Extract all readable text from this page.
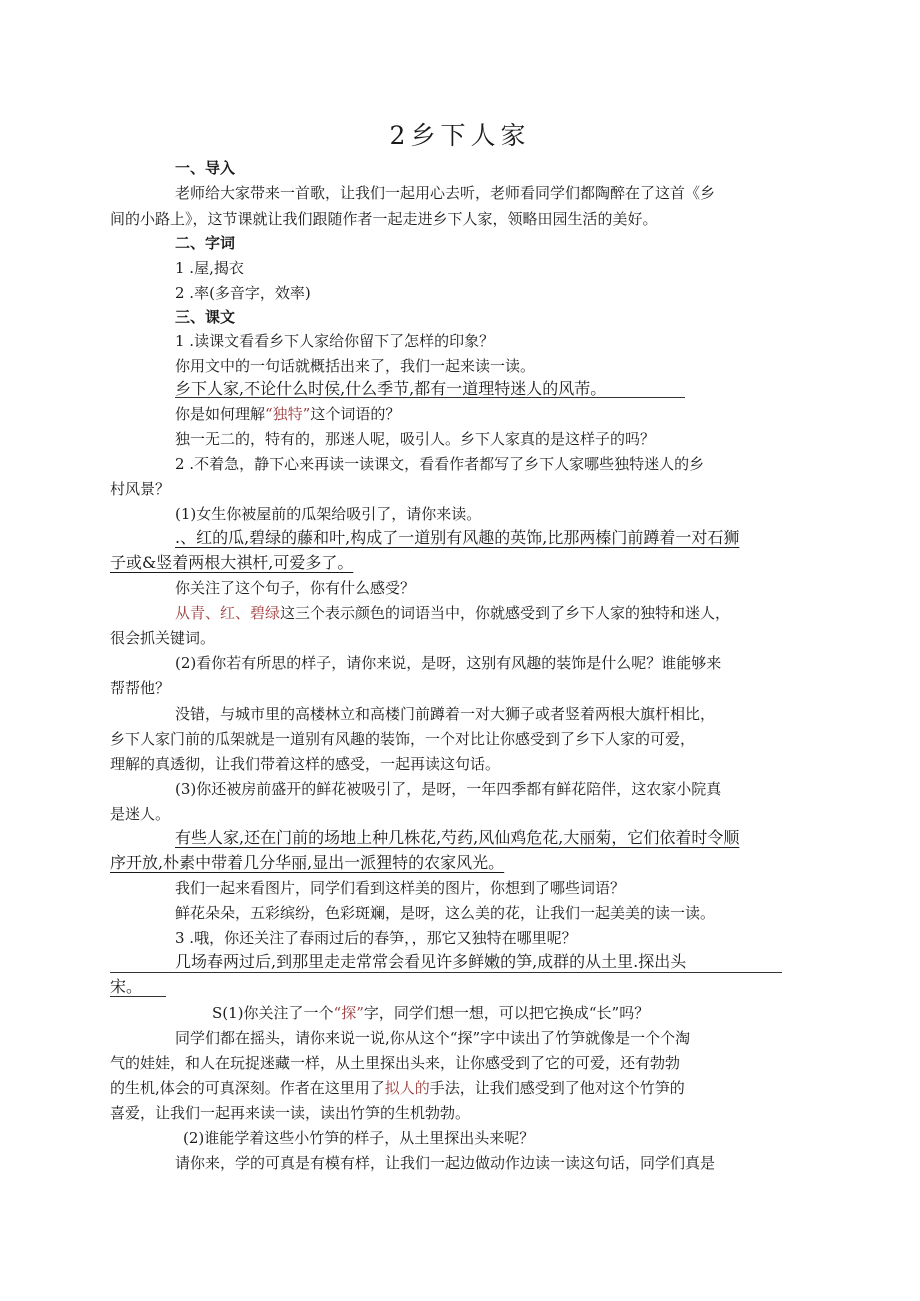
2乡下人家
一、导入
老师给大家带来一首歌，让我们一起用心去听，老师看同学们都陶醉在了这首《乡
间的小路上》，这节课就让我们跟随作者一起走进乡下人家，领略田园生活的美好。
二、字词
1 .屋,揭衣
2 .率(多音字，效率)
三、课文
1 .读课文看看乡下人家给你留下了怎样的印象？
你用文中的一句话就概括出来了，我们一起来读一读。
乡下人家,不论什么时侯,什么季节,都有一道理特迷人的风芾。
你是如何理解“独特”这个词语的？
独一无二的，特有的，那迷人呢，吸引人。乡下人家真的是这样子的吗？
2 .不着急，静下心来再读一读课文，看看作者都写了乡下人家哪些独特迷人的乡
村风景？
(1)女生你被屋前的瓜架给吸引了，请你来读。
.、红的瓜,碧绿的藤和叶,构成了一道别有风趣的英饰,比那两榛门前蹲着一对石狮
子或&竖着两根大祺杆,可爱多了。
你关注了这个句子，你有什么感受？
从青、红、碧绿这三个表示颜色的词语当中，你就感受到了乡下人家的独特和迷人，
很会抓关键词。
(2)看你若有所思的样子，请你来说，是呀，这别有风趣的装饰是什么呢？谁能够来
帮帮他？
没错，与城市里的高楼林立和高楼门前蹲着一对大狮子或者竖着两根大旗杆相比，
乡下人家门前的瓜架就是一道别有风趣的装饰，一个对比让你感受到了乡下人家的可爱，
理解的真透彻，让我们带着这样的感受，一起再读这句话。
(3)你还被房前盛开的鲜花被吸引了，是呀，一年四季都有鲜花陪伴，这农家小院真
是迷人。
有些人家,还在门前的场地上种几株花,芍药,风仙鸡危花,大丽菊，它们依着时令顺
序开放,朴素中带着几分华丽,显出一派狸特的农家风光。
我们一起来看图片，同学们看到这样美的图片，你想到了哪些词语？
鲜花朵朵，五彩缤纷，色彩斑斓，是呀，这么美的花，让我们一起美美的读一读。
3 .哦，你还关注了春雨过后的春笋，，那它又独特在哪里呢？
几场春两过后,到那里走走常常会看见许多鲜嫩的笋,成群的从土里.探出头
宋。
S(1)你关注了一个“探”字，同学们想一想，可以把它换成“长”吗？
同学们都在摇头，请你来说一说,你从这个“探”字中读出了竹笋就像是一个个淘
气的娃娃，和人在玩捉迷藏一样，从土里探出头来，让你感受到了它的可爱，还有勃勃
的生机,体会的可真深刻。作者在这里用了拟人的手法，让我们感受到了他对这个竹笋的
喜爱，让我们一起再来读一读，读出竹笋的生机勃勃。
(2)谁能学着这些小竹笋的样子，从土里探出头来呢？
请你来，学的可真是有模有样，让我们一起边做动作边读一读这句话，同学们真是
